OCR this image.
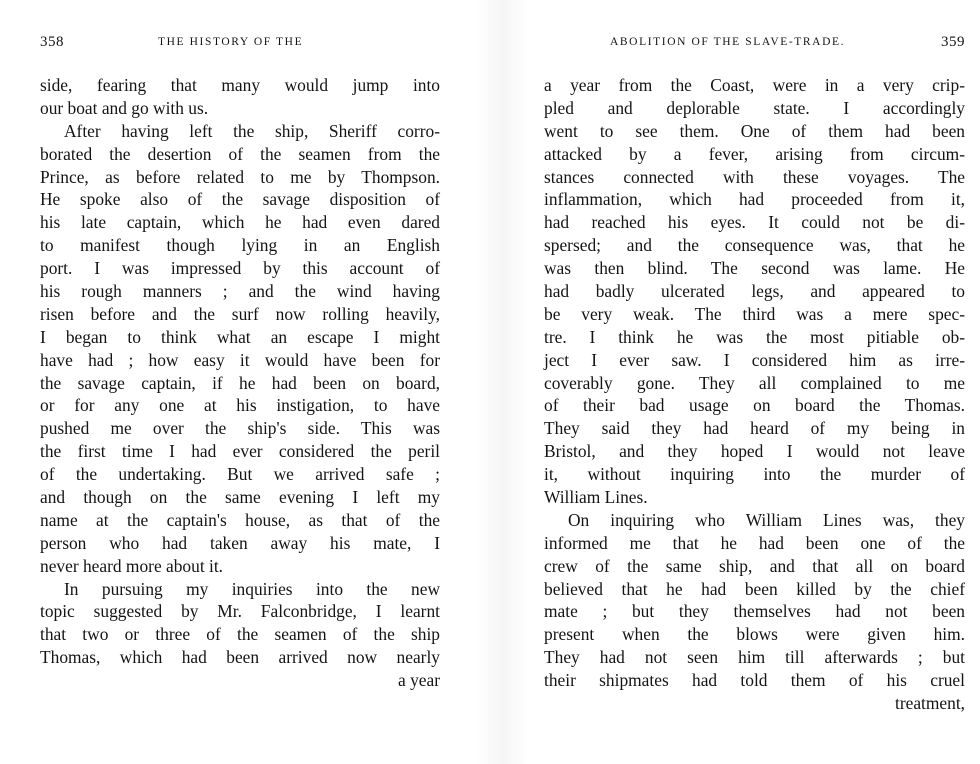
358	THE HISTORY OF THE
side, fearing that many would jump into
our boat and go with us.
After having left the ship, Sheriff corro-
borated the desertion of the seamen from the
Prince, as before related to me by Thompson.
He spoke also of the savage disposition of
his late captain, which he had even dared
to manifest though lying in an English
port. I was impressed by this account of
his rough manners ; and the wind having
risen before and the surf now rolling heavily,
I began to think what an escape I might
have had ; how easy it would have been for
the savage captain, if he had been on board,
or for any one at his instigation, to have
pushed me over the ship's side. This was
the first time I had ever considered the peril
of the undertaking. But we arrived safe ;
and though on the same evening I left my
name at the captain's house, as that of the
person who had taken away his mate, I
never heard more about it.
In pursuing my inquiries into the new
topic suggested by Mr. Falconbridge, I learnt
that two or three of the seamen of the ship
Thomas, which had been arrived now nearly
a year
ABOLITION OF THE SLAVE-TRADE.	359
a year from the Coast, were in a very crip-
pled and deplorable state. I accordingly
went to see them. One of them had been
attacked by a fever, arising from circum-
stances connected with these voyages. The
inflammation, which had proceeded from it,
had reached his eyes. It could not be di-
spersed; and the consequence was, that he
was then blind. The second was lame. He
had badly ulcerated legs, and appeared to
be very weak. The third was a mere spec-
tre. I think he was the most pitiable ob-
ject I ever saw. I considered him as irre-
coverably gone. They all complained to me
of their bad usage on board the Thomas.
They said they had heard of my being in
Bristol, and they hoped I would not leave
it, without inquiring into the murder of
William Lines.
On inquiring who William Lines was, they
informed me that he had been one of the
crew of the same ship, and that all on board
believed that he had been killed by the chief
mate ; but they themselves had not been
present when the blows were given him.
They had not seen him till afterwards ; but
their shipmates had told them of his cruel
treatment,
